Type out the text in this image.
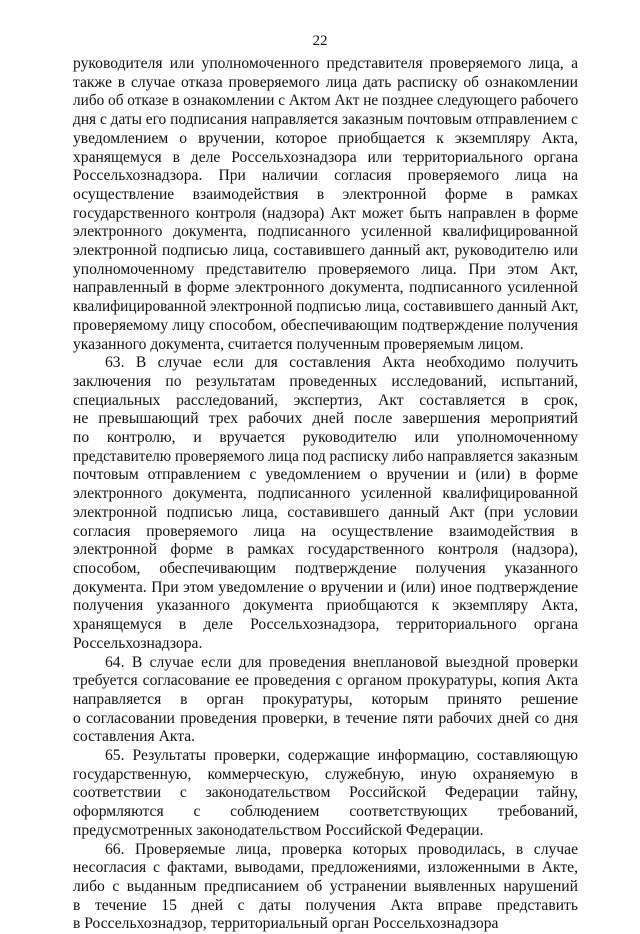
22
руководителя или уполномоченного представителя проверяемого лица, а
также в случае отказа проверяемого лица дать расписку об ознакомлении
либо об отказе в ознакомлении с Актом Акт не позднее следующего рабочего
дня с даты его подписания направляется заказным почтовым отправлением с
уведомлением о вручении, которое приобщается к экземпляру Акта,
хранящемуся в деле Россельхознадзора или территориального органа
Россельхознадзора. При наличии согласия проверяемого лица на
осуществление взаимодействия в электронной форме в рамках
государственного контроля (надзора) Акт может быть направлен в форме
электронного документа, подписанного усиленной квалифицированной
электронной подписью лица, составившего данный акт, руководителю или
уполномоченному представителю проверяемого лица. При этом Акт,
направленный в форме электронного документа, подписанного усиленной
квалифицированной электронной подписью лица, составившего данный Акт,
проверяемому лицу способом, обеспечивающим подтверждение получения
указанного документа, считается полученным проверяемым лицом.
63. В случае если для составления Акта необходимо получить
заключения по результатам проведенных исследований, испытаний,
специальных расследований, экспертиз, Акт составляется в срок,
не превышающий трех рабочих дней после завершения мероприятий
по контролю, и вручается руководителю или уполномоченному
представителю проверяемого лица под расписку либо направляется заказным
почтовым отправлением с уведомлением о вручении и (или) в форме
электронного документа, подписанного усиленной квалифицированной
электронной подписью лица, составившего данный Акт (при условии
согласия проверяемого лица на осуществление взаимодействия в
электронной форме в рамках государственного контроля (надзора),
способом, обеспечивающим подтверждение получения указанного
документа. При этом уведомление о вручении и (или) иное подтверждение
получения указанного документа приобщаются к экземпляру Акта,
хранящемуся в деле Россельхознадзора, территориального органа
Россельхознадзора.
64. В случае если для проведения внеплановой выездной проверки
требуется согласование ее проведения с органом прокуратуры, копия Акта
направляется в орган прокуратуры, которым принято решение
о согласовании проведения проверки, в течение пяти рабочих дней со дня
составления Акта.
65. Результаты проверки, содержащие информацию, составляющую
государственную, коммерческую, служебную, иную охраняемую в
соответствии с законодательством Российской Федерации тайну,
оформляются с соблюдением соответствующих требований,
предусмотренных законодательством Российской Федерации.
66. Проверяемые лица, проверка которых проводилась, в случае
несогласия с фактами, выводами, предложениями, изложенными в Акте,
либо с выданным предписанием об устранении выявленных нарушений
в течение 15 дней с даты получения Акта вправе представить
в Россельхознадзор, территориальный орган Россельхознадзора
